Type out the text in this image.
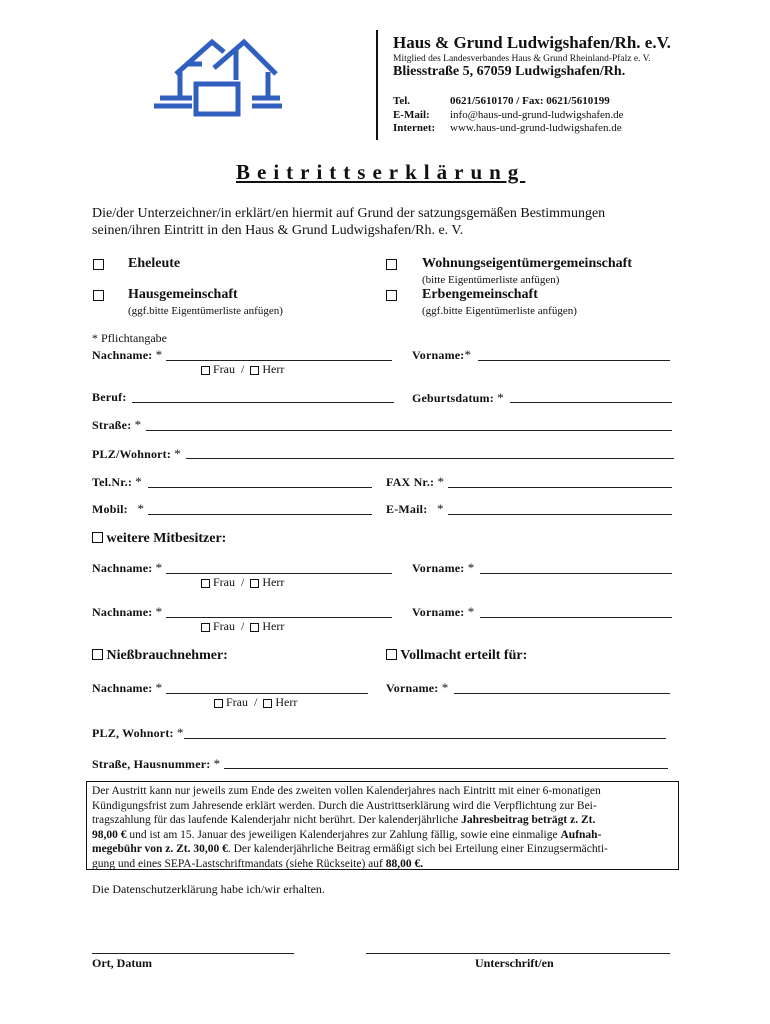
Haus & Grund Ludwigshafen/Rh. e.V.
Mitglied des Landesverbandes Haus & Grund Rheinland-Pfalz e. V.
Bliesstraße 5, 67059 Ludwigshafen/Rh.
Tel.	0621/5610170 / Fax: 0621/5610199
E-Mail: info@haus-und-grund-ludwigshafen.de
Internet: www.haus-und-grund-ludwigshafen.de
Beitrittserklärung
Die/der Unterzeichner/in erklärt/en hiermit auf Grund der satzungsgemäßen Bestimmungen
seinen/ihren Eintritt in den Haus & Grund Ludwigshafen/Rh. e. V.
Eheleute	Wohnungseigentümergemeinschaft
(bitte Eigentümerliste anfügen)
Hausgemeinschaft
(ggf.bitte Eigentümerliste anfügen)
Erbengemeinschaft
(ggf.bitte Eigentümerliste anfügen)
* Pflichtangabe
Nachname: *	Vorname:*
Frau / Herr
Beruf:	Geburtsdatum: *
Straße: *
PLZ/Wohnort: *
Tel.Nr.: *	FAX Nr.: *
Mobil: *	E-Mail: *
weitere Mitbesitzer:
Nachname: *	Vorname: *
Frau / Herr
Nachname: *	Vorname: *
Frau / Herr
Nießbrauchnehmer:	Vollmacht erteilt für:
Nachname: *	Vorname: *
Frau / Herr
PLZ, Wohnort: *
Straße, Hausnummer: *
Der Austritt kann nur jeweils zum Ende des zweiten vollen Kalenderjahres nach Eintritt mit einer 6-monatigen
Kündigungsfrist zum Jahresende erklärt werden. Durch die Austrittserklärung wird die Verpflichtung zur Bei-
tragszahlung für das laufende Kalenderjahr nicht berührt. Der kalenderjährliche Jahresbeitrag beträgt z. Zt.
98,00 € und ist am 15. Januar des jeweiligen Kalenderjahres zur Zahlung fällig, sowie eine einmalige Aufnah-
megebühr von z. Zt. 30,00 €. Der kalenderjährliche Beitrag ermäßigt sich bei Erteilung einer Einzugsermächti-
gung und eines SEPA-Lastschriftmandats (siehe Rückseite) auf 88,00 €.
Die Datenschutzerklärung habe ich/wir erhalten.
Ort, Datum	Unterschrift/en
